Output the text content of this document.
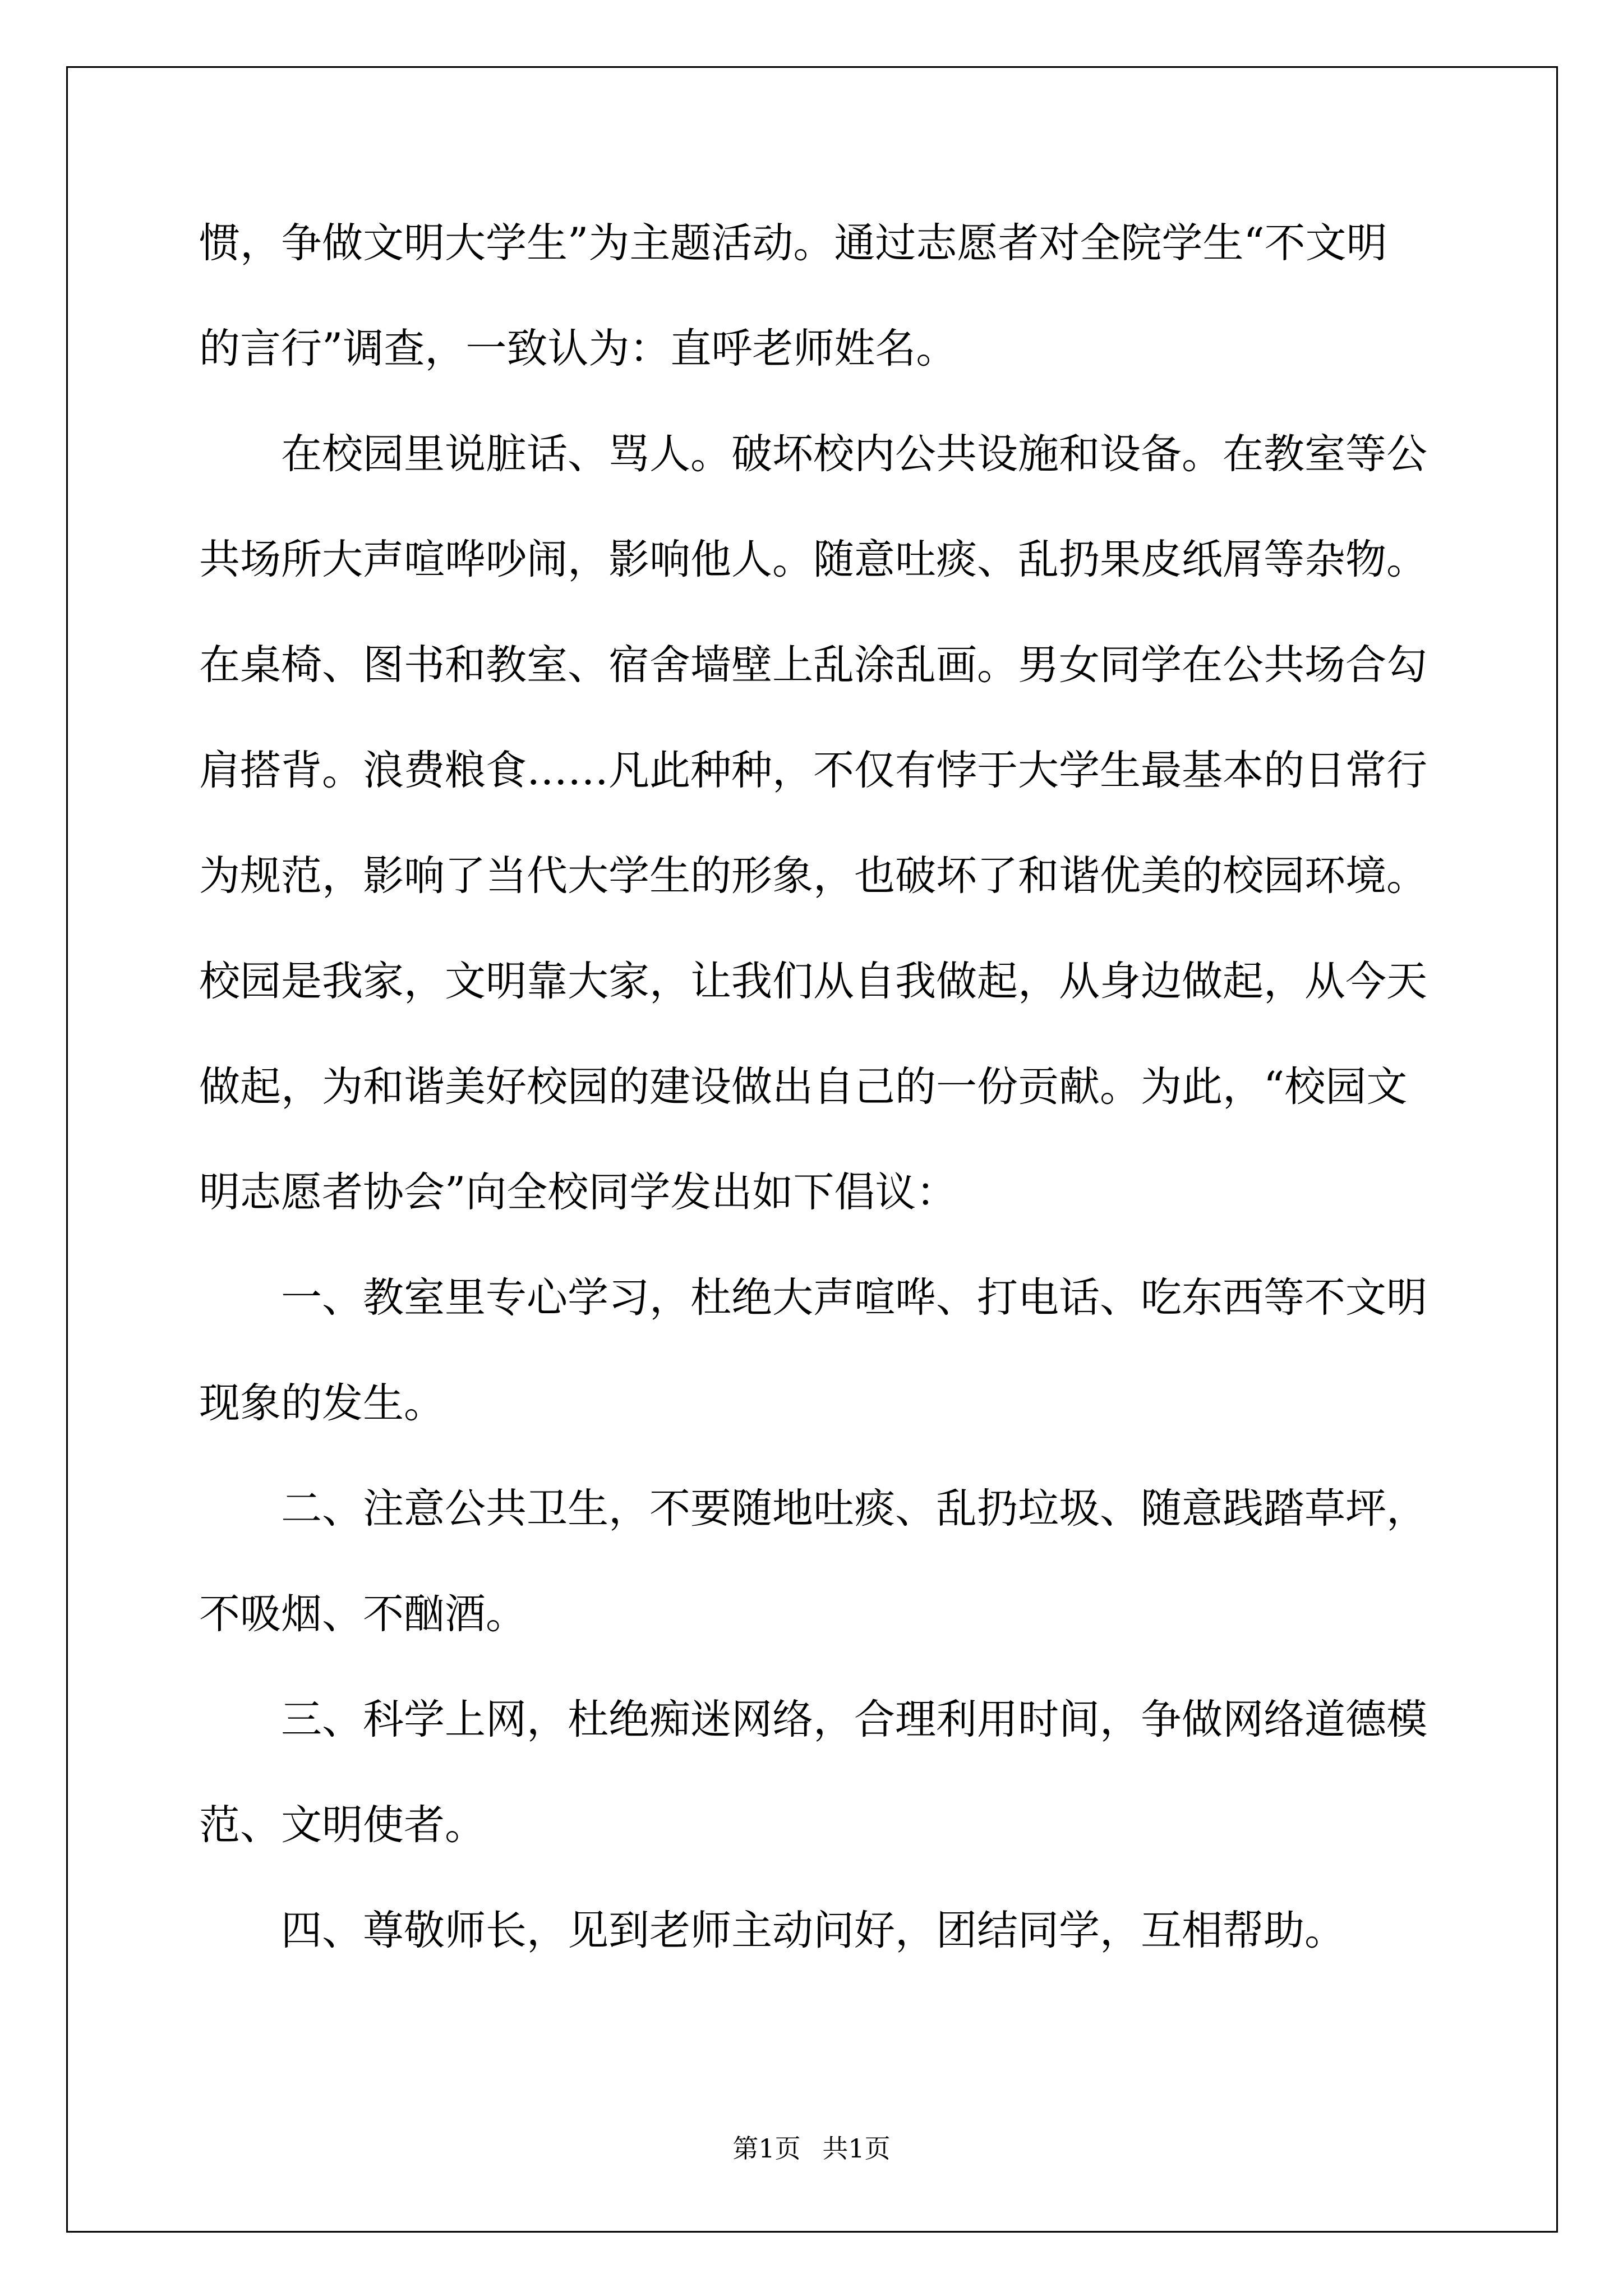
惯，争做文明大学生”为主题活动。通过志愿者对全院学生“不文明
的言行”调查，一致认为：直呼老师姓名。
　　在校园里说脏话、骂人。破坏校内公共设施和设备。在教室等公
共场所大声喧哗吵闹，影响他人。随意吐痰、乱扔果皮纸屑等杂物。
在桌椅、图书和教室、宿舍墙壁上乱涂乱画。男女同学在公共场合勾
肩搭背。浪费粮食……凡此种种，不仅有悖于大学生最基本的日常行
为规范，影响了当代大学生的形象，也破坏了和谐优美的校园环境。
校园是我家，文明靠大家，让我们从自我做起，从身边做起，从今天
做起，为和谐美好校园的建设做出自己的一份贡献。为此，“校园文
明志愿者协会”向全校同学发出如下倡议：
　　一、教室里专心学习，杜绝大声喧哗、打电话、吃东西等不文明
现象的发生。
　　二、注意公共卫生，不要随地吐痰、乱扔垃圾、随意践踏草坪，
不吸烟、不酗酒。
　　三、科学上网，杜绝痴迷网络，合理利用时间，争做网络道德模
范、文明使者。
　　四、尊敬师长，见到老师主动问好，团结同学，互相帮助。
第1页 共1页
